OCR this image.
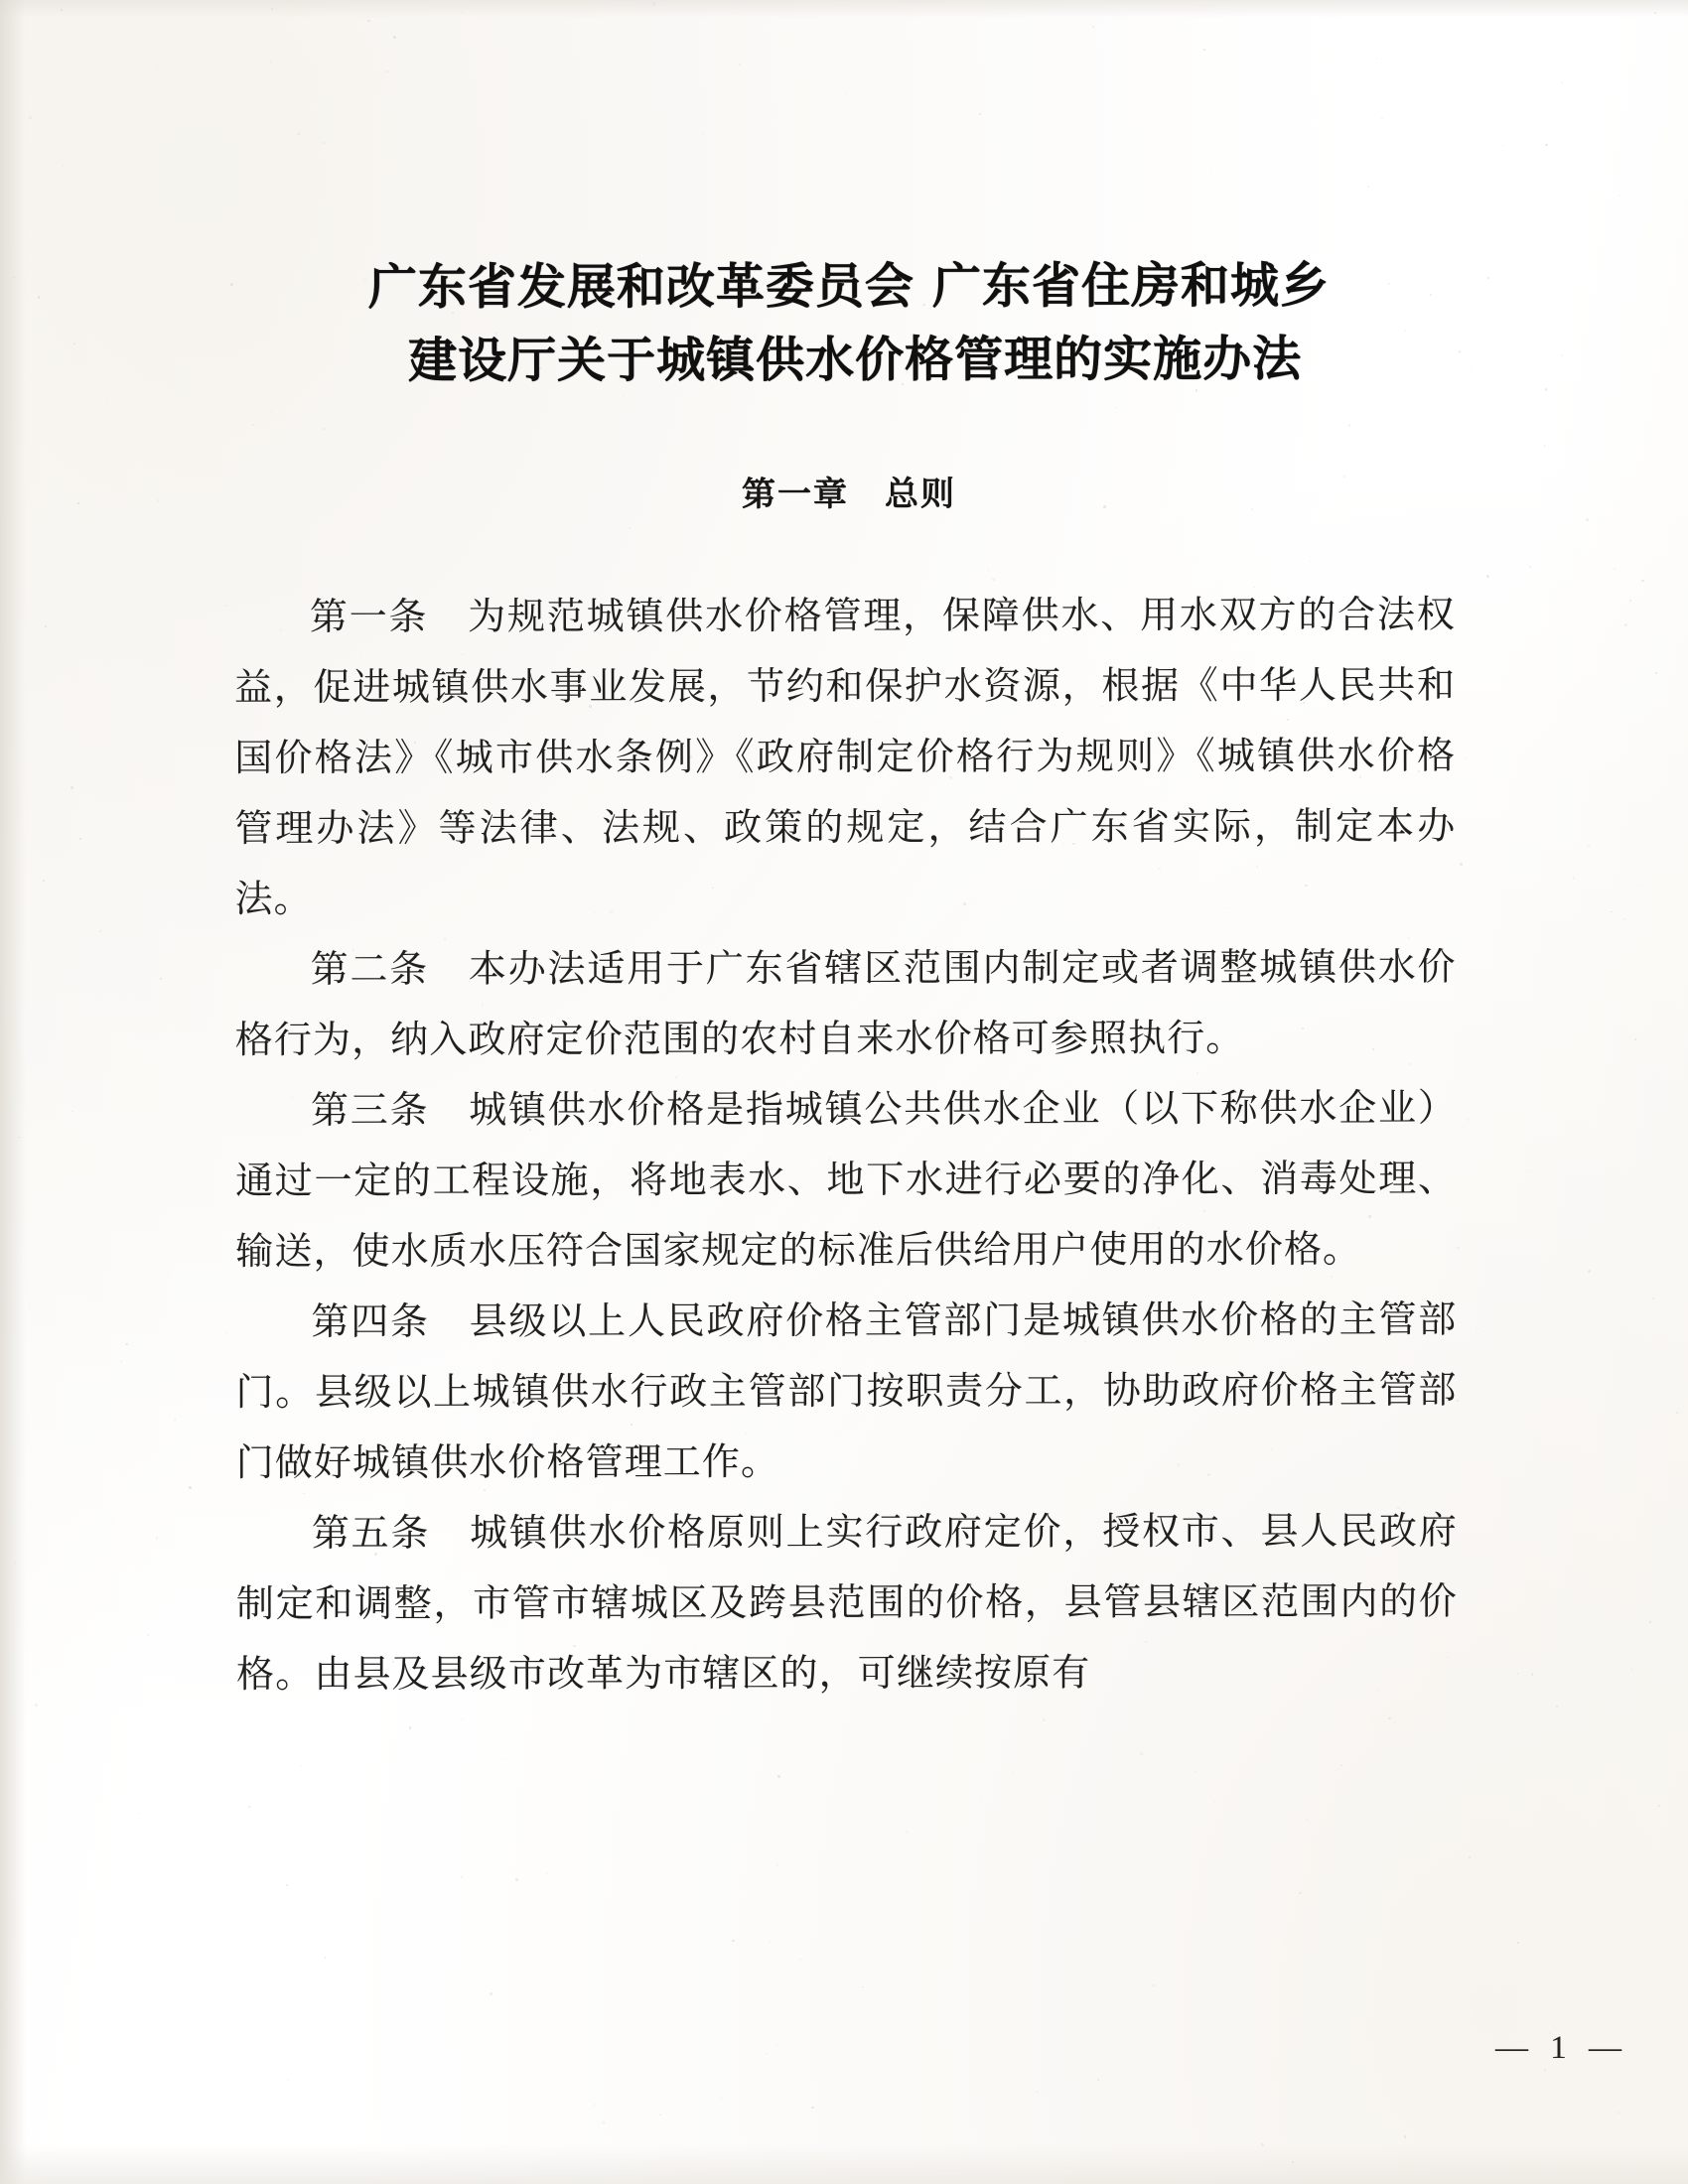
广东省发展和改革委员会 广东省住房和城乡
建设厅关于城镇供水价格管理的实施办法
第一章　总则

第一条　为规范城镇供水价格管理，保障供水、用水双方的合法权益，促进城镇供水事业发展，节约和保护水资源，根据《中华人民共和国价格法》《城市供水条例》《政府制定价格行为规则》《城镇供水价格管理办法》等法律、法规、政策的规定，结合广东省实际，制定本办法。

第二条　本办法适用于广东省辖区范围内制定或者调整城镇供水价格行为，纳入政府定价范围的农村自来水价格可参照执行。

第三条　城镇供水价格是指城镇公共供水企业（以下称供水企业）通过一定的工程设施，将地表水、地下水进行必要的净化、消毒处理、输送，使水质水压符合国家规定的标准后供给用户使用的水价格。

第四条　县级以上人民政府价格主管部门是城镇供水价格的主管部门。县级以上城镇供水行政主管部门按职责分工，协助政府价格主管部门做好城镇供水价格管理工作。

第五条　城镇供水价格原则上实行政府定价，授权市、县人民政府制定和调整，市管市辖城区及跨县范围的价格，县管县辖区范围内的价格。由县及县级市改革为市辖区的，可继续按原有

— 1 —
